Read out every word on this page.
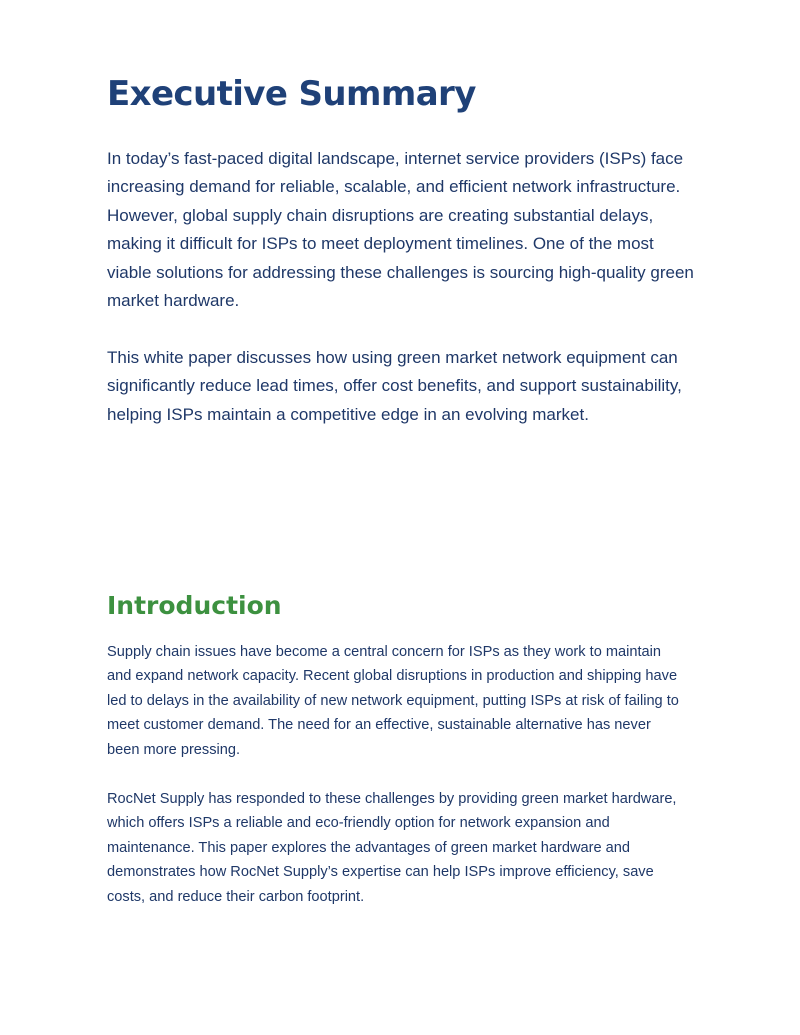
Executive Summary

In today’s fast-paced digital landscape, internet service providers (ISPs) face increasing demand for reliable, scalable, and efficient network infrastructure. However, global supply chain disruptions are creating substantial delays, making it difficult for ISPs to meet deployment timelines. One of the most viable solutions for addressing these challenges is sourcing high-quality green market hardware.

This white paper discusses how using green market network equipment can significantly reduce lead times, offer cost benefits, and support sustainability, helping ISPs maintain a competitive edge in an evolving market.

Introduction

Supply chain issues have become a central concern for ISPs as they work to maintain and expand network capacity. Recent global disruptions in production and shipping have led to delays in the availability of new network equipment, putting ISPs at risk of failing to meet customer demand. The need for an effective, sustainable alternative has never been more pressing.

RocNet Supply has responded to these challenges by providing green market hardware, which offers ISPs a reliable and eco-friendly option for network expansion and maintenance. This paper explores the advantages of green market hardware and demonstrates how RocNet Supply’s expertise can help ISPs improve efficiency, save costs, and reduce their carbon footprint.
